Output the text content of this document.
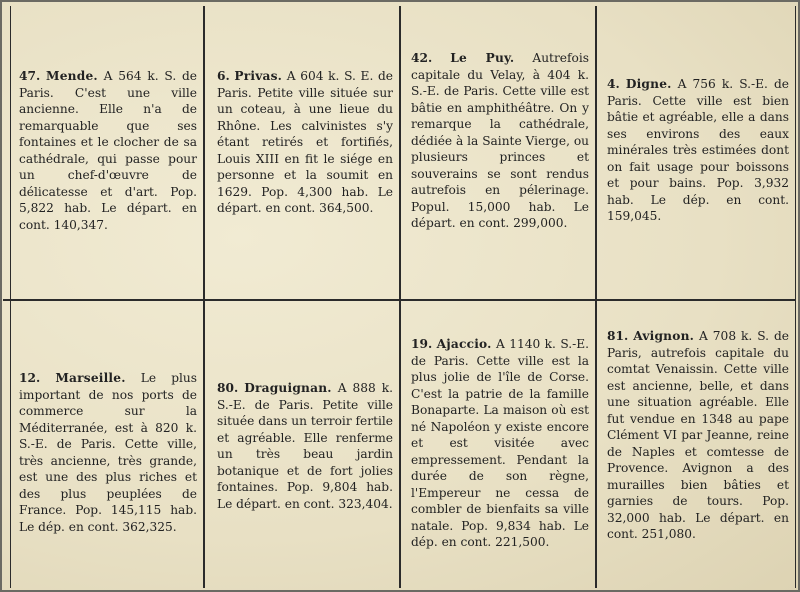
47. Mende. A 564 k. S. de Paris. C'est une ville ancienne. Elle n'a de remarquable que ses fontaines et le clocher de sa cathédrale, qui passe pour un chef-d'œuvre de délicatesse et d'art. Pop. 5,822 hab. Le départ. en cont. 140,347.
6. Privas. A 604 k. S. E. de Paris. Petite ville située sur un coteau, à une lieue du Rhône. Les calvinistes s'y étant retirés et fortifiés, Louis XIII en fit le siége en personne et la soumit en 1629. Pop. 4,300 hab. Le départ. en cont. 364,500.
42. Le Puy. Autrefois capitale du Velay, à 404 k. S.-E. de Paris. Cette ville est bâtie en amphithéâtre. On y remarque la cathédrale, dédiée à la Sainte Vierge, ou plusieurs princes et souverains se sont rendus autrefois en pélerinage. Popul. 15,000 hab. Le départ. en cont. 299,000.
4. Digne. A 756 k. S.-E. de Paris. Cette ville est bien bâtie et agréable, elle a dans ses environs des eaux minérales très estimées dont on fait usage pour boissons et pour bains. Pop. 3,932 hab. Le dép. en cont. 159,045.
12. Marseille. Le plus important de nos ports de commerce sur la Méditerranée, est à 820 k. S.-E. de Paris. Cette ville, très ancienne, très grande, est une des plus riches et des plus peuplées de France. Pop. 145,115 hab. Le dép. en cont. 362,325.
80. Draguignan. A 888 k. S.-E. de Paris. Petite ville située dans un terroir fertile et agréable. Elle renferme un très beau jardin botanique et de fort jolies fontaines. Pop. 9,804 hab. Le départ. en cont. 323,404.
19. Ajaccio. A 1140 k. S.-E. de Paris. Cette ville est la plus jolie de l'île de Corse. C'est la patrie de la famille Bonaparte. La maison où est né Napoléon y existe encore et est visitée avec empressement. Pendant la durée de son règne, l'Empereur ne cessa de combler de bienfaits sa ville natale. Pop. 9,834 hab. Le dép. en cont. 221,500.
81. Avignon. A 708 k. S. de Paris, autrefois capitale du comtat Venaissin. Cette ville est ancienne, belle, et dans une situation agréable. Elle fut vendue en 1348 au pape Clément VI par Jeanne, reine de Naples et comtesse de Provence. Avignon a des murailles bien bâties et garnies de tours. Pop. 32,000 hab. Le départ. en cont. 251,080.
